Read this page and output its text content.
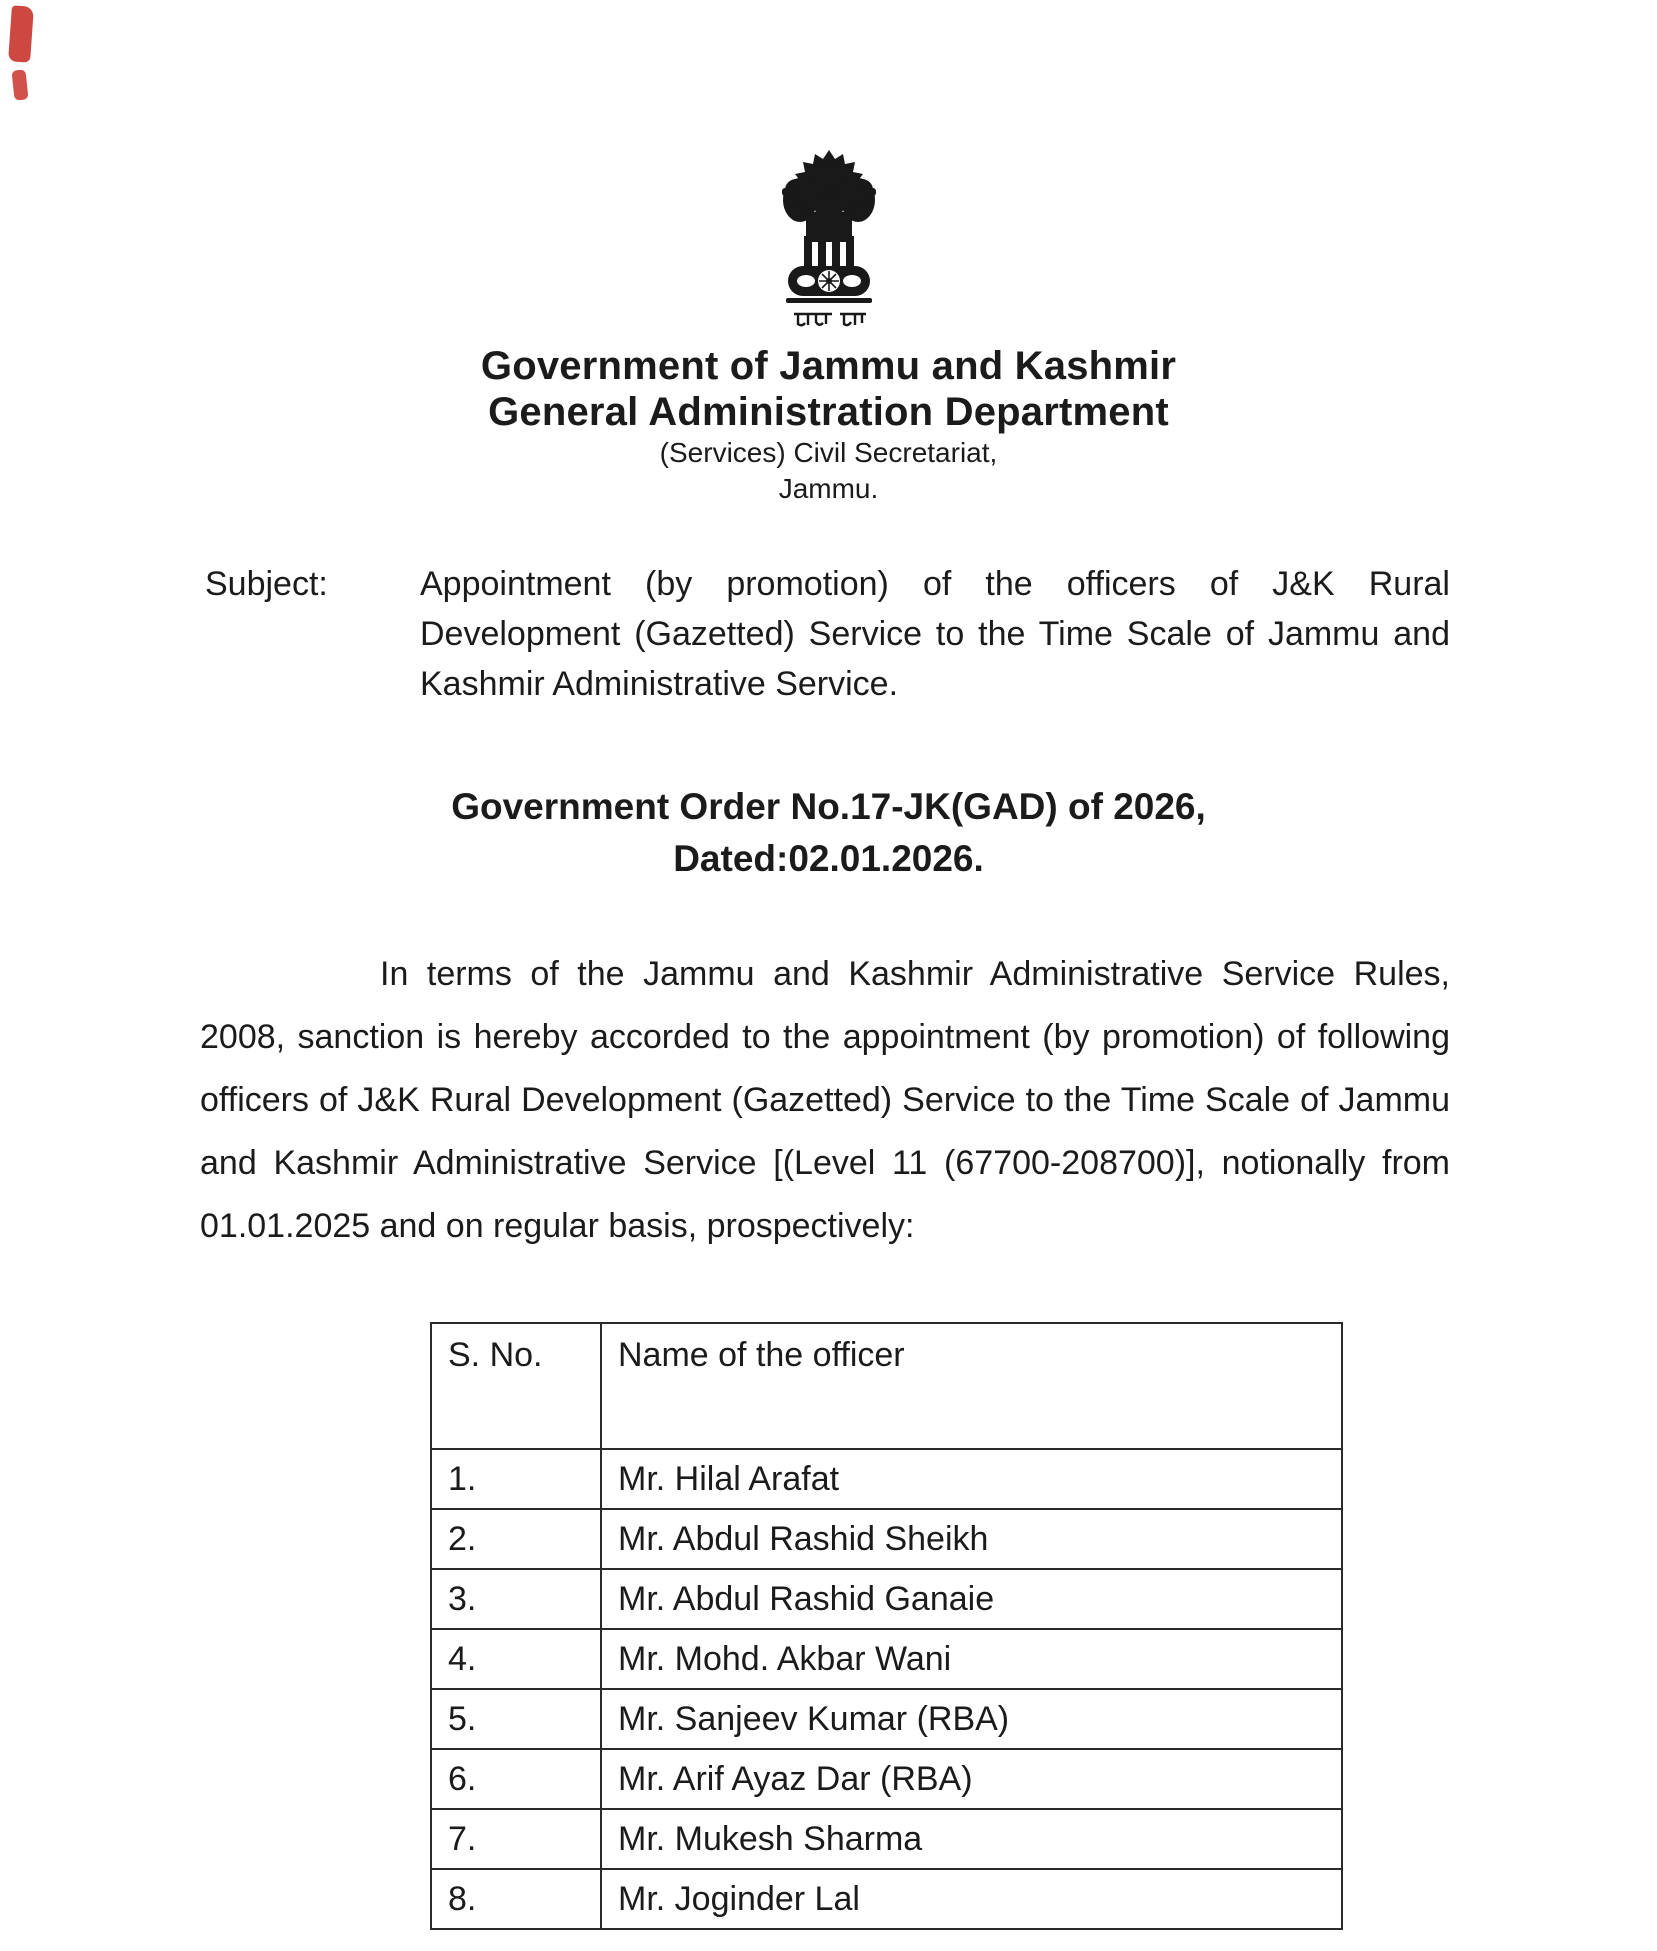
Government of Jammu and Kashmir
General Administration Department
(Services) Civil Secretariat,
Jammu.
Subject:	Appointment (by promotion) of the officers of J&K Rural Development (Gazetted) Service to the Time Scale of Jammu and Kashmir Administrative Service.
Government Order No.17-JK(GAD) of 2026,
Dated:02.01.2026.

In terms of the Jammu and Kashmir Administrative Service Rules, 2008, sanction is hereby accorded to the appointment (by promotion) of following officers of J&K Rural Development (Gazetted) Service to the Time Scale of Jammu and Kashmir Administrative Service [(Level 11 (67700-208700)], notionally from 01.01.2025 and on regular basis, prospectively:

S. No.	Name of the officer
1.	Mr. Hilal Arafat
2.	Mr. Abdul Rashid Sheikh
3.	Mr. Abdul Rashid Ganaie
4.	Mr. Mohd. Akbar Wani
5.	Mr. Sanjeev Kumar (RBA)
6.	Mr. Arif Ayaz Dar (RBA)
7.	Mr. Mukesh Sharma
8.	Mr. Joginder Lal
